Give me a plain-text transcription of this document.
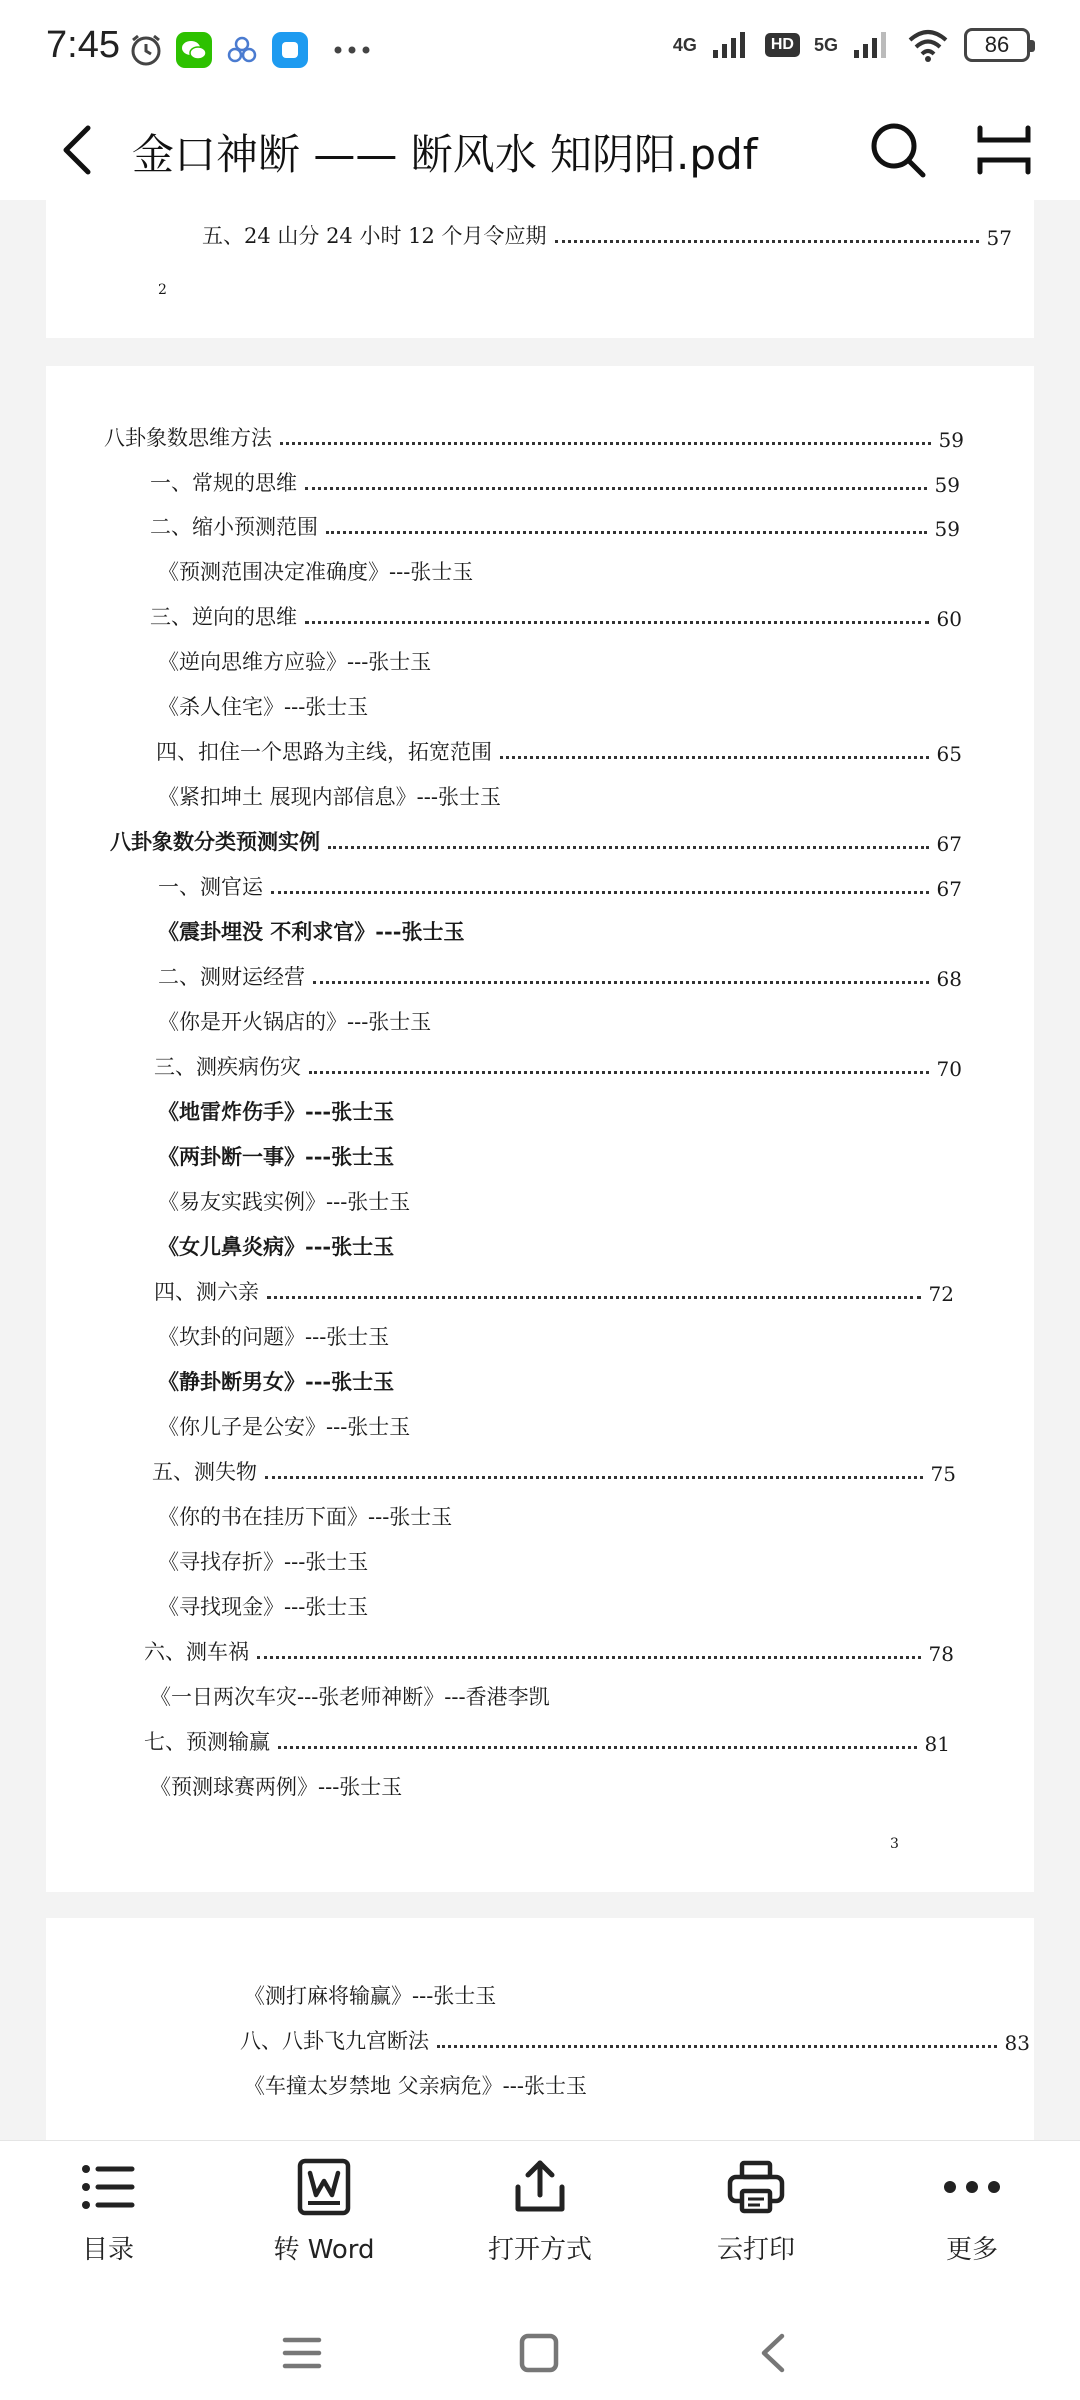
7:45	4G	HD	5G	86
金口神断 —— 断风水 知阴阳.pdf
五、24 山分 24 小时 12 个月令应期	57
2
八卦象数思维方法	59
一、常规的思维	59
二、缩小预测范围	59
《预测范围决定准确度》---张士玉
三、逆向的思维	60
《逆向思维方应验》---张士玉
《杀人住宅》---张士玉
四、扣住一个思路为主线，拓宽范围	65
《紧扣坤土 展现内部信息》---张士玉
八卦象数分类预测实例	67
一、测官运	67
《震卦埋没 不利求官》---张士玉
二、测财运经营	68
《你是开火锅店的》---张士玉
三、测疾病伤灾	70
《地雷炸伤手》---张士玉
《两卦断一事》---张士玉
《易友实践实例》---张士玉
《女儿鼻炎病》---张士玉
四、测六亲	72
《坎卦的问题》---张士玉
《静卦断男女》---张士玉
《你儿子是公安》---张士玉
五、测失物	75
《你的书在挂历下面》---张士玉
《寻找存折》---张士玉
《寻找现金》---张士玉
六、测车祸	78
《一日两次车灾---张老师神断》---香港李凯
七、预测输赢	81
《预测球赛两例》---张士玉
3
《测打麻将输赢》---张士玉
八、八卦飞九宫断法	83
《车撞太岁禁地 父亲病危》---张士玉
目录	转 Word	打开方式	云打印	更多
